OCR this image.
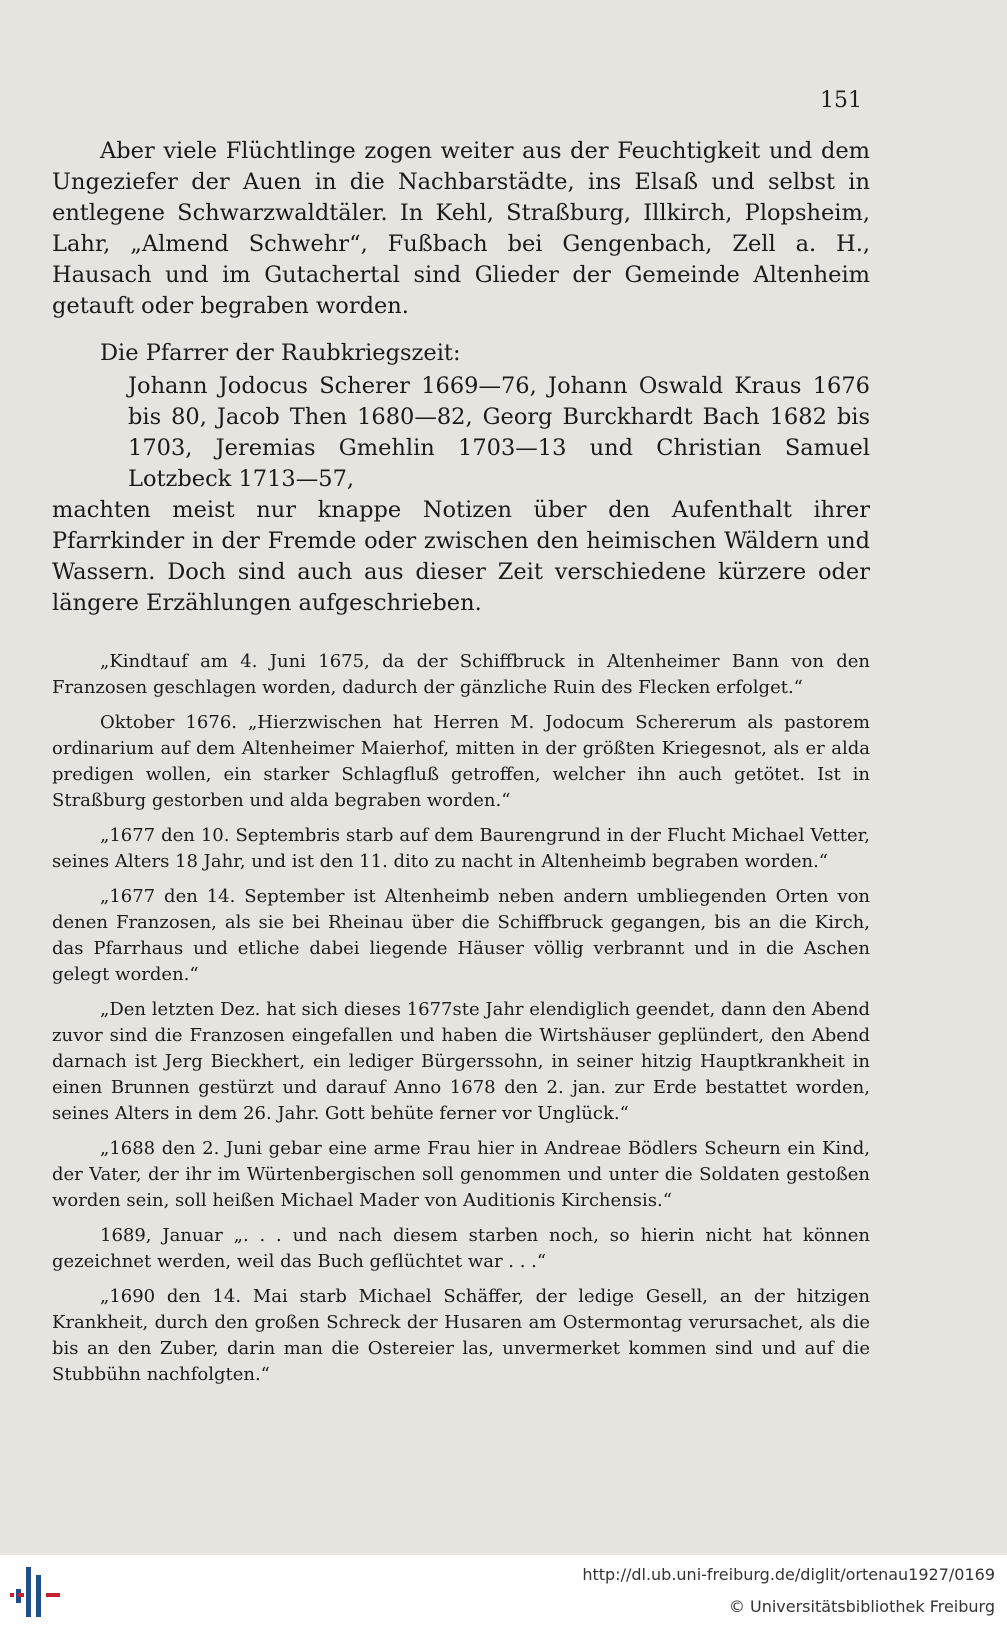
151

Aber viele Flüchtlinge zogen weiter aus der Feuchtigkeit und dem Ungeziefer der Auen in die Nachbarstädte, ins Elsaß und selbst in entlegene Schwarzwaldtäler. In Kehl, Straßburg, Illkirch, Plopsheim, Lahr, „Almend Schwehr“, Fußbach bei Gengenbach, Zell a. H., Hausach und im Gutachertal sind Glieder der Gemeinde Altenheim getauft oder begraben worden.

Die Pfarrer der Raubkriegszeit:

Johann Jodocus Scherer 1669—76, Johann Oswald Kraus 1676 bis 80, Jacob Then 1680—82, Georg Burckhardt Bach 1682 bis 1703, Jeremias Gmehlin 1703—13 und Christian Samuel Lotzbeck 1713—57,

machten meist nur knappe Notizen über den Aufenthalt ihrer Pfarrkinder in der Fremde oder zwischen den heimischen Wäldern und Wassern. Doch sind auch aus dieser Zeit verschiedene kürzere oder längere Erzählungen aufgeschrieben.

„Kindtauf am 4. Juni 1675, da der Schiffbruck in Altenheimer Bann von den Franzosen geschlagen worden, dadurch der gänzliche Ruin des Flecken erfolget.“

Oktober 1676. „Hierzwischen hat Herren M. Jodocum Schererum als pastorem ordinarium auf dem Altenheimer Maierhof, mitten in der größten Kriegesnot, als er alda predigen wollen, ein starker Schlagfluß getroffen, welcher ihn auch getötet. Ist in Straßburg gestorben und alda begraben worden.“

„1677 den 10. Septembris starb auf dem Baurengrund in der Flucht Michael Vetter, seines Alters 18 Jahr, und ist den 11. dito zu nacht in Altenheimb begraben worden.“

„1677 den 14. September ist Altenheimb neben andern umbliegenden Orten von denen Franzosen, als sie bei Rheinau über die Schiffbruck gegangen, bis an die Kirch, das Pfarrhaus und etliche dabei liegende Häuser völlig verbrannt und in die Aschen gelegt worden.“

„Den letzten Dez. hat sich dieses 1677ste Jahr elendiglich geendet, dann den Abend zuvor sind die Franzosen eingefallen und haben die Wirtshäuser geplündert, den Abend darnach ist Jerg Bieckhert, ein lediger Bürgerssohn, in seiner hitzig Hauptkrankheit in einen Brunnen gestürzt und darauf Anno 1678 den 2. jan. zur Erde bestattet worden, seines Alters in dem 26. Jahr. Gott behüte ferner vor Unglück.“

„1688 den 2. Juni gebar eine arme Frau hier in Andreae Bödlers Scheurn ein Kind, der Vater, der ihr im Würtenbergischen soll genommen und unter die Soldaten gestoßen worden sein, soll heißen Michael Mader von Auditionis Kirchensis.“

1689, Januar „. . . und nach diesem starben noch, so hierin nicht hat können gezeichnet werden, weil das Buch geflüchtet war . . .“

„1690 den 14. Mai starb Michael Schäffer, der ledige Gesell, an der hitzigen Krankheit, durch den großen Schreck der Husaren am Ostermontag verursachet, als die bis an den Zuber, darin man die Ostereier las, unvermerket kommen sind und auf die Stubbühn nachfolgten.“

http://dl.ub.uni-freiburg.de/diglit/ortenau1927/0169
© Universitätsbibliothek Freiburg
